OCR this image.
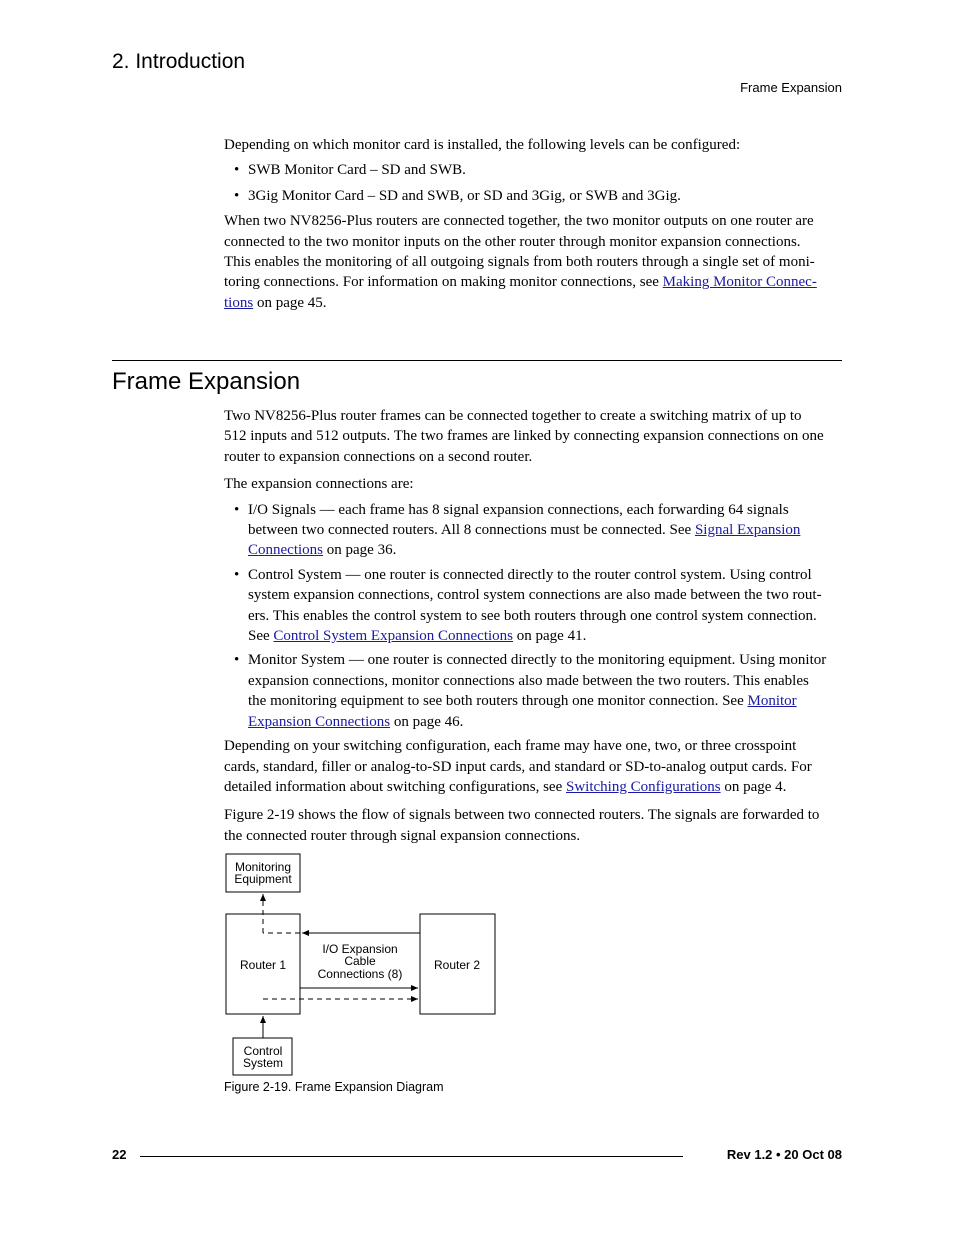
2. Introduction
Frame Expansion

Depending on which monitor card is installed, the following levels can be configured:

• SWB Monitor Card – SD and SWB.
• 3Gig Monitor Card – SD and SWB, or SD and 3Gig, or SWB and 3Gig.

When two NV8256-Plus routers are connected together, the two monitor outputs on one router are
connected to the two monitor inputs on the other router through monitor expansion connections.
This enables the monitoring of all outgoing signals from both routers through a single set of moni-
toring connections. For information on making monitor connections, see Making Monitor Connec-
tions on page 45.

Frame Expansion

Two NV8256-Plus router frames can be connected together to create a switching matrix of up to
512 inputs and 512 outputs. The two frames are linked by connecting expansion connections on one
router to expansion connections on a second router.

The expansion connections are:

• I/O Signals — each frame has 8 signal expansion connections, each forwarding 64 signals
between two connected routers. All 8 connections must be connected. See Signal Expansion
Connections on page 36.
• Control System — one router is connected directly to the router control system. Using control
system expansion connections, control system connections are also made between the two rout-
ers. This enables the control system to see both routers through one control system connection.
See Control System Expansion Connections on page 41.
• Monitor System — one router is connected directly to the monitoring equipment. Using monitor
expansion connections, monitor connections also made between the two routers. This enables
the monitoring equipment to see both routers through one monitor connection. See Monitor
Expansion Connections on page 46.

Depending on your switching configuration, each frame may have one, two, or three crosspoint
cards, standard, filler or analog-to-SD input cards, and standard or SD-to-analog output cards. For
detailed information about switching configurations, see Switching Configurations on page 4.

Figure 2-19 shows the flow of signals between two connected routers. The signals are forwarded to
the connected router through signal expansion connections.

Monitoring
Equipment
Router 1	Router 2
I/O Expansion
Cable
Connections (8)
Control
System
Figure 2-19. Frame Expansion Diagram
22	Rev 1.2 • 20 Oct 08
